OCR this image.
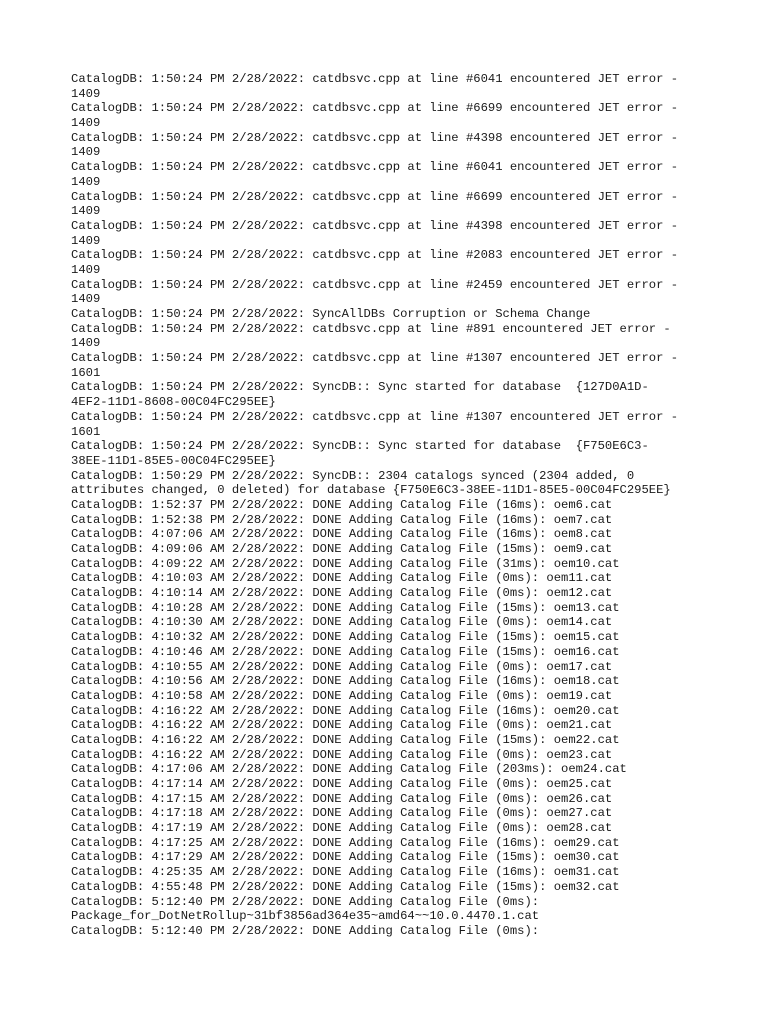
CatalogDB: 1:50:24 PM 2/28/2022: catdbsvc.cpp at line #6041 encountered JET error -
1409
CatalogDB: 1:50:24 PM 2/28/2022: catdbsvc.cpp at line #6699 encountered JET error -
1409
CatalogDB: 1:50:24 PM 2/28/2022: catdbsvc.cpp at line #4398 encountered JET error -
1409
CatalogDB: 1:50:24 PM 2/28/2022: catdbsvc.cpp at line #6041 encountered JET error -
1409
CatalogDB: 1:50:24 PM 2/28/2022: catdbsvc.cpp at line #6699 encountered JET error -
1409
CatalogDB: 1:50:24 PM 2/28/2022: catdbsvc.cpp at line #4398 encountered JET error -
1409
CatalogDB: 1:50:24 PM 2/28/2022: catdbsvc.cpp at line #2083 encountered JET error -
1409
CatalogDB: 1:50:24 PM 2/28/2022: catdbsvc.cpp at line #2459 encountered JET error -
1409
CatalogDB: 1:50:24 PM 2/28/2022: SyncAllDBs Corruption or Schema Change
CatalogDB: 1:50:24 PM 2/28/2022: catdbsvc.cpp at line #891 encountered JET error -
1409
CatalogDB: 1:50:24 PM 2/28/2022: catdbsvc.cpp at line #1307 encountered JET error -
1601
CatalogDB: 1:50:24 PM 2/28/2022: SyncDB:: Sync started for database  {127D0A1D-
4EF2-11D1-8608-00C04FC295EE}
CatalogDB: 1:50:24 PM 2/28/2022: catdbsvc.cpp at line #1307 encountered JET error -
1601
CatalogDB: 1:50:24 PM 2/28/2022: SyncDB:: Sync started for database  {F750E6C3-
38EE-11D1-85E5-00C04FC295EE}
CatalogDB: 1:50:29 PM 2/28/2022: SyncDB:: 2304 catalogs synced (2304 added, 0
attributes changed, 0 deleted) for database {F750E6C3-38EE-11D1-85E5-00C04FC295EE}
CatalogDB: 1:52:37 PM 2/28/2022: DONE Adding Catalog File (16ms): oem6.cat
CatalogDB: 1:52:38 PM 2/28/2022: DONE Adding Catalog File (16ms): oem7.cat
CatalogDB: 4:07:06 AM 2/28/2022: DONE Adding Catalog File (16ms): oem8.cat
CatalogDB: 4:09:06 AM 2/28/2022: DONE Adding Catalog File (15ms): oem9.cat
CatalogDB: 4:09:22 AM 2/28/2022: DONE Adding Catalog File (31ms): oem10.cat
CatalogDB: 4:10:03 AM 2/28/2022: DONE Adding Catalog File (0ms): oem11.cat
CatalogDB: 4:10:14 AM 2/28/2022: DONE Adding Catalog File (0ms): oem12.cat
CatalogDB: 4:10:28 AM 2/28/2022: DONE Adding Catalog File (15ms): oem13.cat
CatalogDB: 4:10:30 AM 2/28/2022: DONE Adding Catalog File (0ms): oem14.cat
CatalogDB: 4:10:32 AM 2/28/2022: DONE Adding Catalog File (15ms): oem15.cat
CatalogDB: 4:10:46 AM 2/28/2022: DONE Adding Catalog File (15ms): oem16.cat
CatalogDB: 4:10:55 AM 2/28/2022: DONE Adding Catalog File (0ms): oem17.cat
CatalogDB: 4:10:56 AM 2/28/2022: DONE Adding Catalog File (16ms): oem18.cat
CatalogDB: 4:10:58 AM 2/28/2022: DONE Adding Catalog File (0ms): oem19.cat
CatalogDB: 4:16:22 AM 2/28/2022: DONE Adding Catalog File (16ms): oem20.cat
CatalogDB: 4:16:22 AM 2/28/2022: DONE Adding Catalog File (0ms): oem21.cat
CatalogDB: 4:16:22 AM 2/28/2022: DONE Adding Catalog File (15ms): oem22.cat
CatalogDB: 4:16:22 AM 2/28/2022: DONE Adding Catalog File (0ms): oem23.cat
CatalogDB: 4:17:06 AM 2/28/2022: DONE Adding Catalog File (203ms): oem24.cat
CatalogDB: 4:17:14 AM 2/28/2022: DONE Adding Catalog File (0ms): oem25.cat
CatalogDB: 4:17:15 AM 2/28/2022: DONE Adding Catalog File (0ms): oem26.cat
CatalogDB: 4:17:18 AM 2/28/2022: DONE Adding Catalog File (0ms): oem27.cat
CatalogDB: 4:17:19 AM 2/28/2022: DONE Adding Catalog File (0ms): oem28.cat
CatalogDB: 4:17:25 AM 2/28/2022: DONE Adding Catalog File (16ms): oem29.cat
CatalogDB: 4:17:29 AM 2/28/2022: DONE Adding Catalog File (15ms): oem30.cat
CatalogDB: 4:25:35 AM 2/28/2022: DONE Adding Catalog File (16ms): oem31.cat
CatalogDB: 4:55:48 PM 2/28/2022: DONE Adding Catalog File (15ms): oem32.cat
CatalogDB: 5:12:40 PM 2/28/2022: DONE Adding Catalog File (0ms):
Package_for_DotNetRollup~31bf3856ad364e35~amd64~~10.0.4470.1.cat
CatalogDB: 5:12:40 PM 2/28/2022: DONE Adding Catalog File (0ms):
